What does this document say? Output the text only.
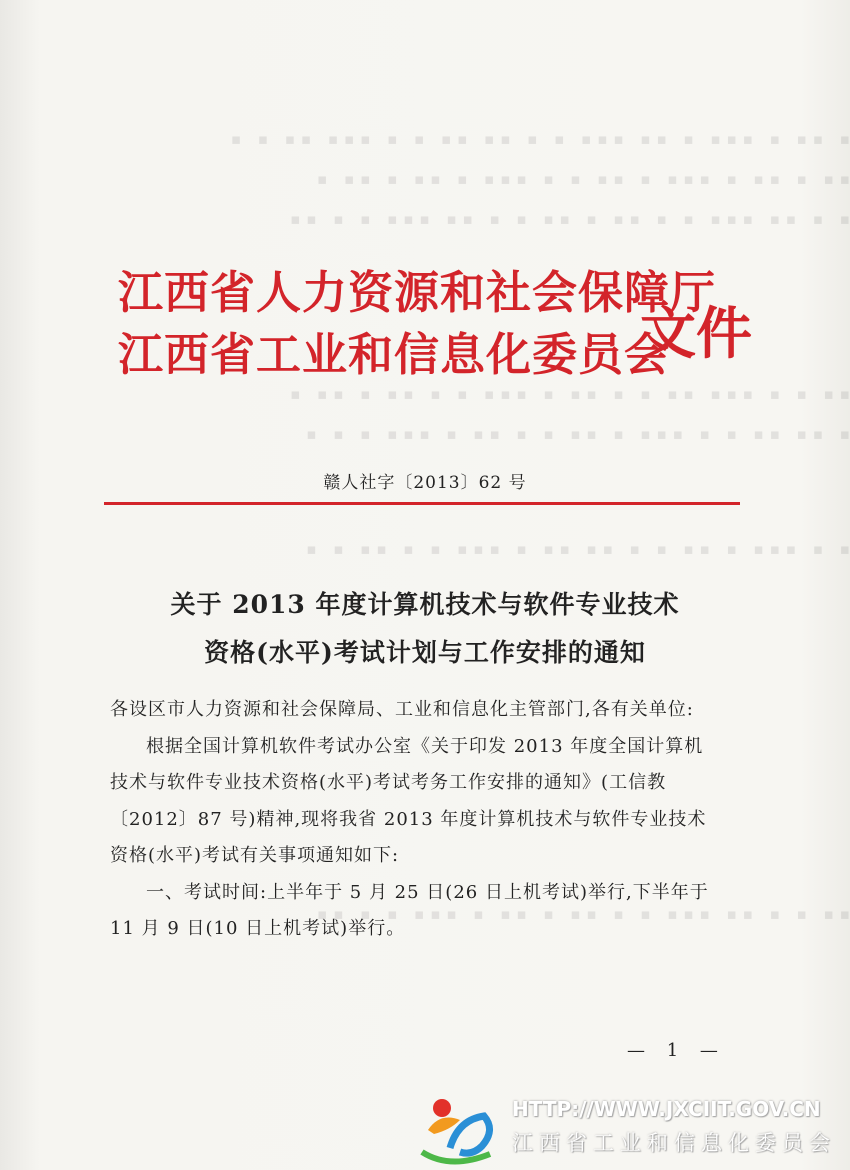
▪ ▪▪ ▪ ▪▪▪ ▪ ▪▪ ▪▪▪ ▪ ▪ ▪▪ ▪▪ ▪ ▪ ▪▪▪ ▪▪ ▪ ▪
▪▪ ▪ ▪▪ ▪ ▪▪▪ ▪ ▪▪ ▪ ▪ ▪▪▪ ▪ ▪▪ ▪ ▪▪ ▪
▪ ▪ ▪▪ ▪▪▪ ▪ ▪ ▪▪ ▪ ▪▪ ▪ ▪ ▪▪ ▪▪▪ ▪ ▪ ▪▪
▪▪ ▪ ▪ ▪▪▪ ▪▪ ▪ ▪ ▪▪ ▪ ▪▪▪ ▪ ▪ ▪▪ ▪ ▪▪ ▪
▪ ▪▪ ▪▪ ▪ ▪ ▪▪▪ ▪ ▪▪ ▪ ▪ ▪▪ ▪ ▪▪▪ ▪ ▪ ▪
▪ ▪ ▪▪▪ ▪ ▪▪ ▪ ▪ ▪▪ ▪▪ ▪ ▪▪▪ ▪ ▪ ▪▪ ▪ ▪
▪▪ ▪ ▪ ▪▪ ▪▪▪ ▪ ▪ ▪▪ ▪ ▪▪ ▪ ▪▪▪ ▪ ▪ ▪▪
江西省人力资源和社会保障厅
江西省工业和信息化委员会
文件
赣人社字〔2013〕62 号
关于 2013 年度计算机技术与软件专业技术
资格(水平)考试计划与工作安排的通知

各设区市人力资源和社会保障局、工业和信息化主管部门,各有关单位:

根据全国计算机软件考试办公室《关于印发 2013 年度全国计算机技术与软件专业技术资格(水平)考试考务工作安排的通知》(工信教〔2012〕87 号)精神,现将我省 2013 年度计算机技术与软件专业技术资格(水平)考试有关事项通知如下:

一、考试时间:上半年于 5 月 25 日(26 日上机考试)举行,下半年于 11 月 9 日(10 日上机考试)举行。

— 1 —
HTTP://WWW.JXCIIT.GOV.CN
江西省工业和信息化委员会
